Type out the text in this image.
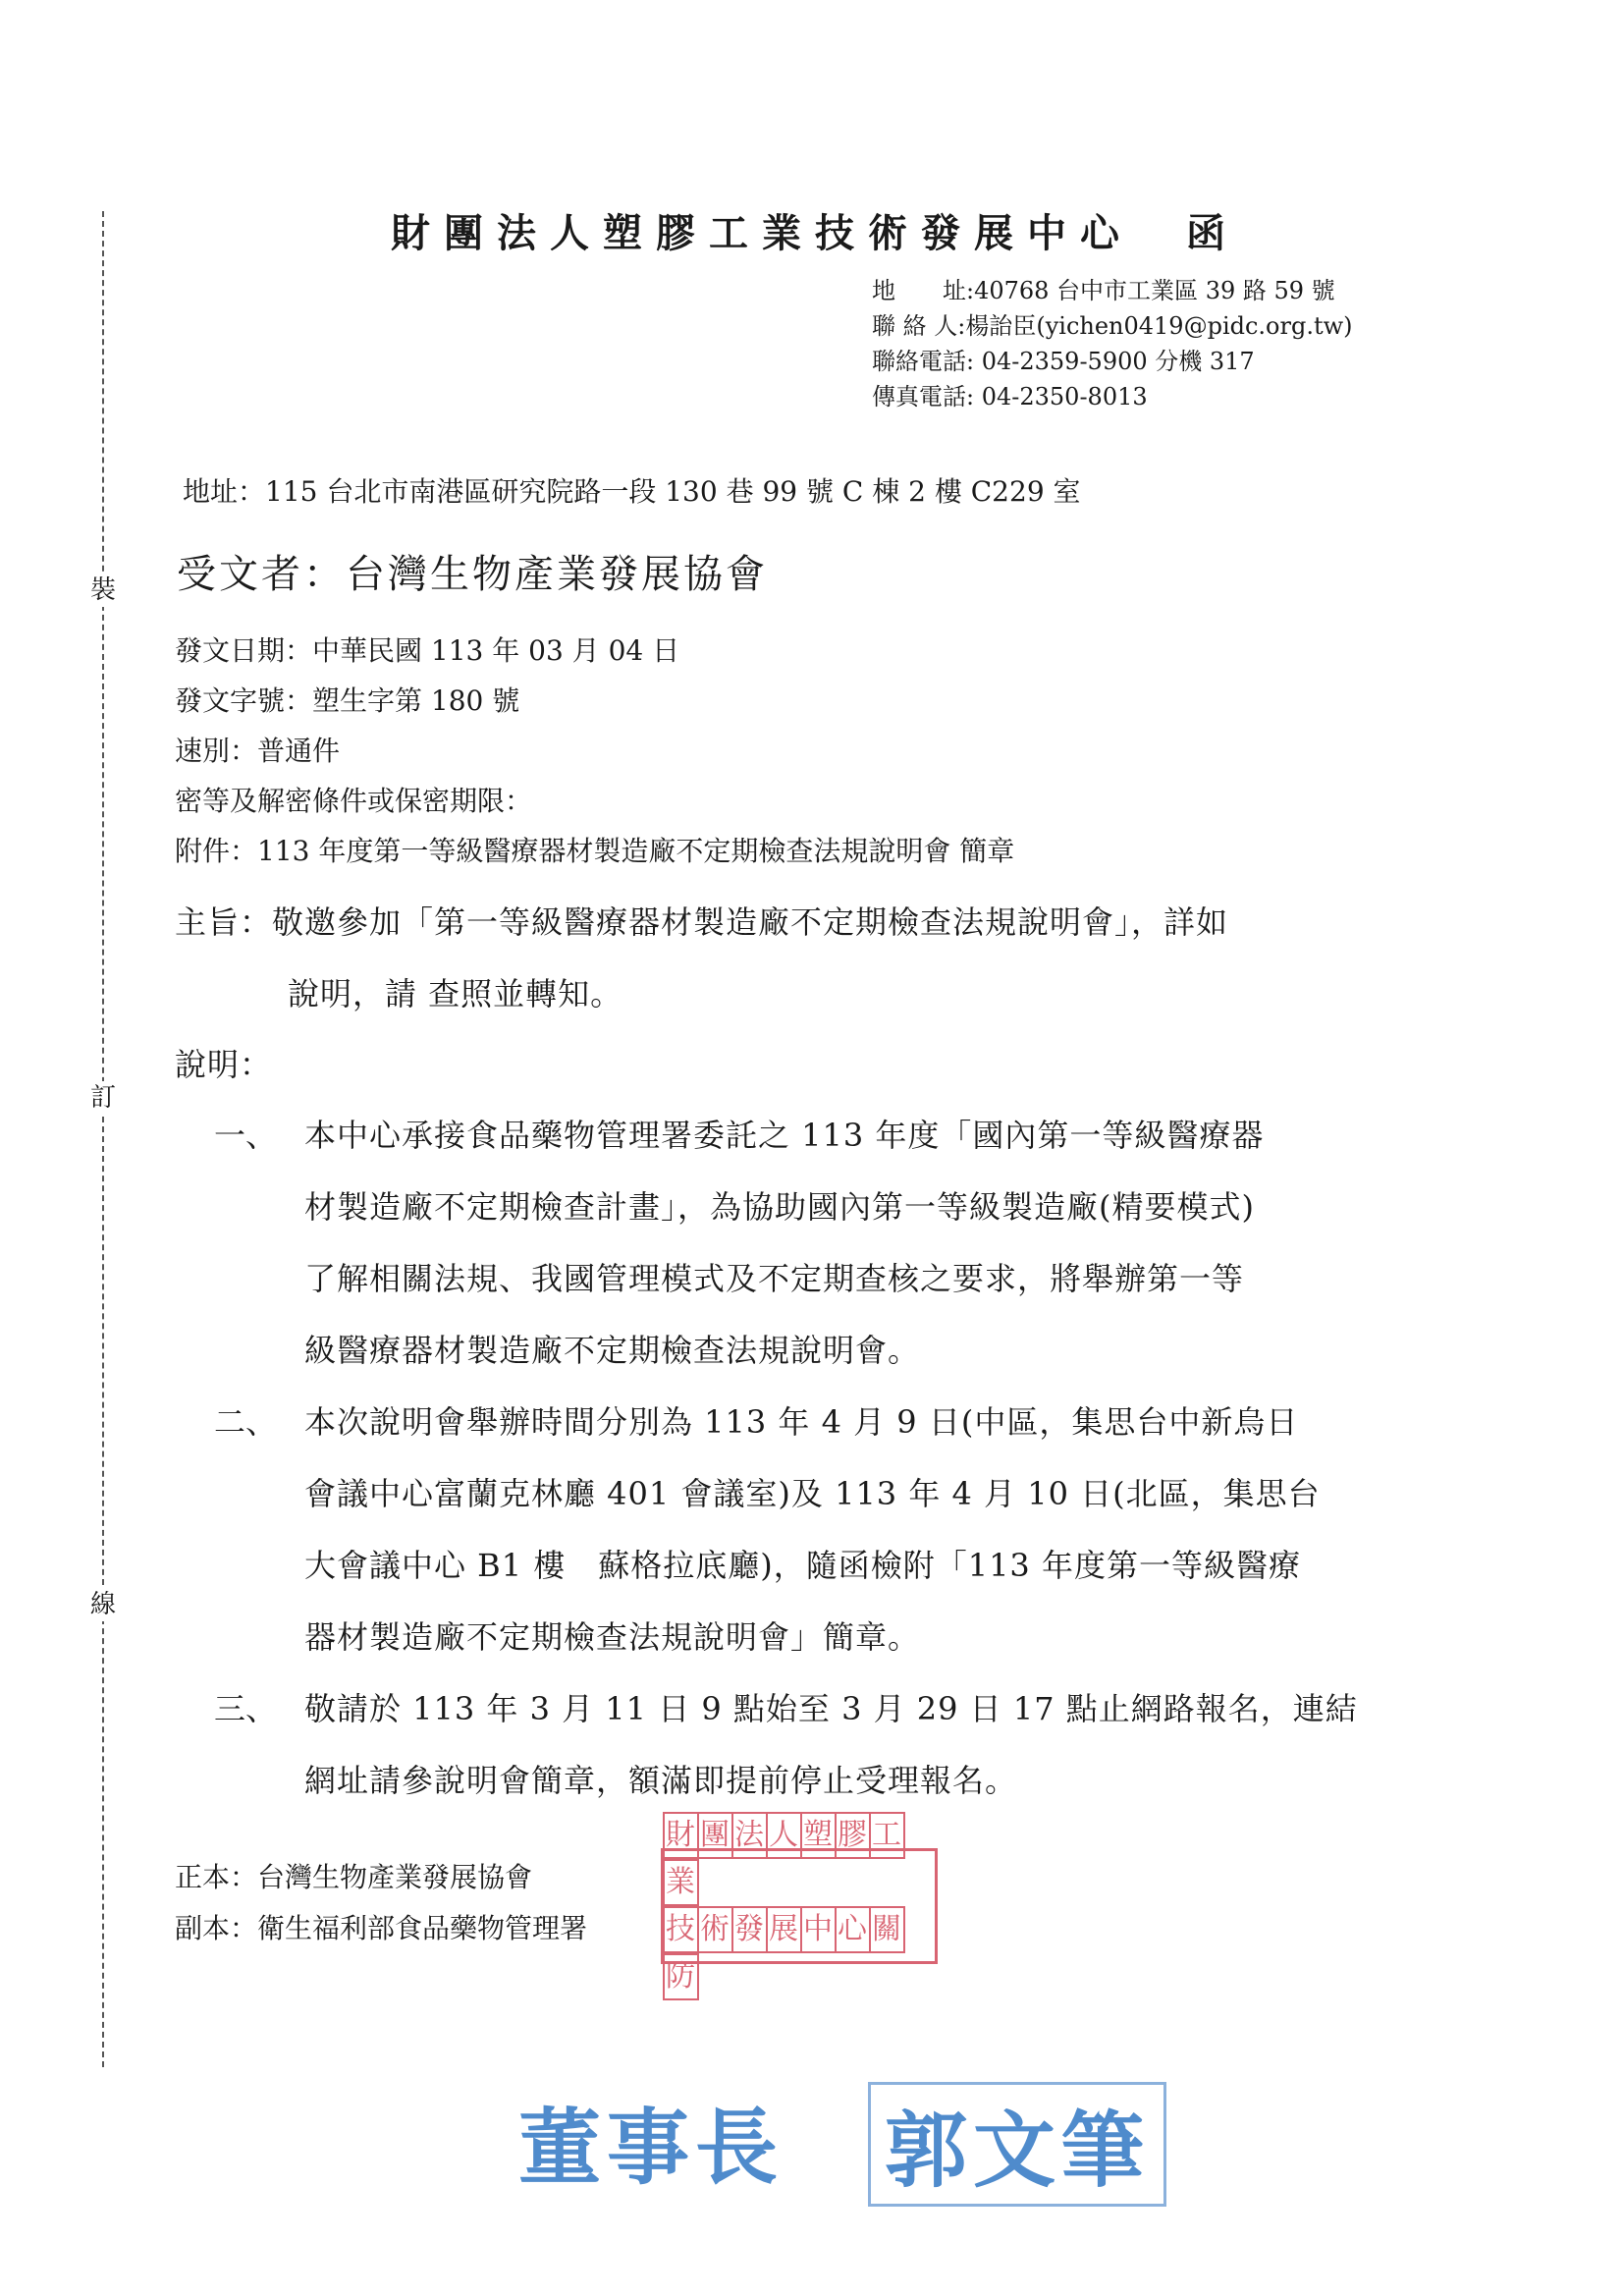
裝
訂
線
財團法人塑膠工業技術發展中心　函
地　　址:40768 台中市工業區 39 路 59 號
聯 絡 人:楊詒臣(yichen0419@pidc.org.tw)
聯絡電話: 04-2359-5900 分機 317
傳真電話: 04-2350-8013
地址：115 台北市南港區研究院路一段 130 巷 99 號 C 棟 2 樓 C229 室
受文者：台灣生物產業發展協會
發文日期：中華民國 113 年 03 月 04 日
發文字號：塑生字第 180 號
速別：普通件
密等及解密條件或保密期限：
附件：113 年度第一等級醫療器材製造廠不定期檢查法規說明會 簡章
主旨：敬邀參加「第一等級醫療器材製造廠不定期檢查法規說明會」，詳如
說明，請 查照並轉知。
說明：
一、 本中心承接食品藥物管理署委託之 113 年度「國內第一等級醫療器
材製造廠不定期檢查計畫」，為協助國內第一等級製造廠(精要模式)
了解相關法規、我國管理模式及不定期查核之要求，將舉辦第一等
級醫療器材製造廠不定期檢查法規說明會。
二、 本次說明會舉辦時間分別為 113 年 4 月 9 日(中區，集思台中新烏日
會議中心富蘭克林廳 401 會議室)及 113 年 4 月 10 日(北區，集思台
大會議中心 B1 樓　蘇格拉底廳)，隨函檢附「113 年度第一等級醫療
器材製造廠不定期檢查法規說明會」簡章。
三、 敬請於 113 年 3 月 11 日 9 點始至 3 月 29 日 17 點止網路報名，連結
網址請參說明會簡章，額滿即提前停止受理報名。
正本：台灣生物產業發展協會
副本：衛生福利部食品藥物管理署
財 團 法 人 塑 膠 工業
技 術 發 展 中 心 關防
董事長 郭文筆
